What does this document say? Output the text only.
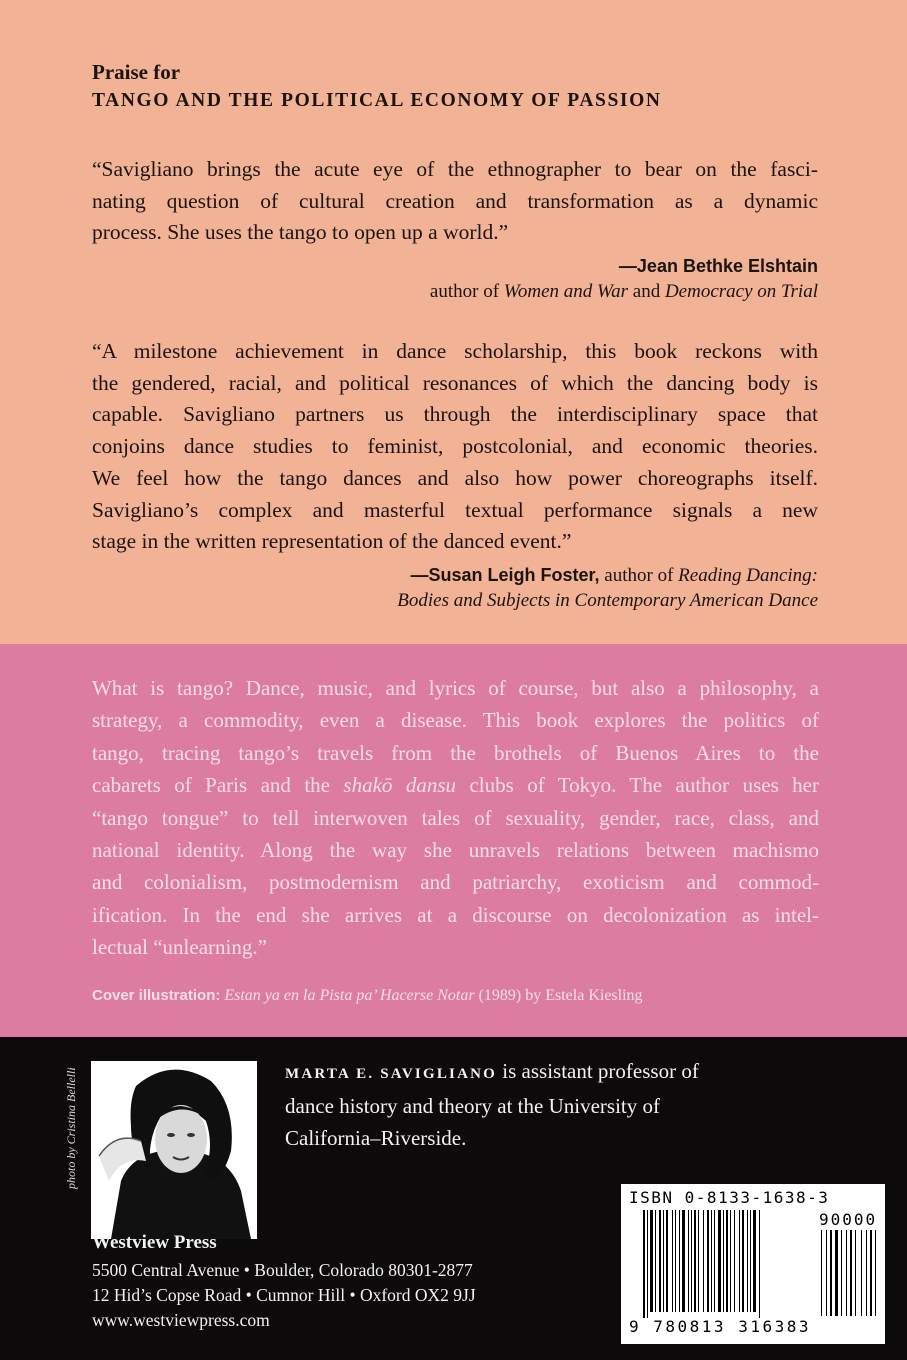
Praise for
TANGO AND THE POLITICAL ECONOMY OF PASSION
“Savigliano brings the acute eye of the ethnographer to bear on the fasci-
nating question of cultural creation and transformation as a dynamic
process. She uses the tango to open up a world.”
—Jean Bethke Elshtain
author of Women and War and Democracy on Trial
“A milestone achievement in dance scholarship, this book reckons with
the gendered, racial, and political resonances of which the dancing body is
capable. Savigliano partners us through the interdisciplinary space that
conjoins dance studies to feminist, postcolonial, and economic theories.
We feel how the tango dances and also how power choreographs itself.
Savigliano’s complex and masterful textual performance signals a new
stage in the written representation of the danced event.”
—Susan Leigh Foster, author of Reading Dancing:
Bodies and Subjects in Contemporary American Dance
What is tango? Dance, music, and lyrics of course, but also a philosophy, a
strategy, a commodity, even a disease. This book explores the politics of
tango, tracing tango’s travels from the brothels of Buenos Aires to the
cabarets of Paris and the shakō dansu clubs of Tokyo. The author uses her
“tango tongue” to tell interwoven tales of sexuality, gender, race, class, and
national identity. Along the way she unravels relations between machismo
and colonialism, postmodernism and patriarchy, exoticism and commod-
ification. In the end she arrives at a discourse on decolonization as intel-
lectual “unlearning.”
Cover illustration: Estan ya en la Pista pa’ Hacerse Notar (1989) by Estela Kiesling
photo by Cristina Bellelli	MARTA E. SAVIGLIANO is assistant professor of dance history and theory at the University of California–Riverside.
Westview Press
5500 Central Avenue • Boulder, Colorado 80301-2877
12 Hid’s Copse Road • Cumnor Hill • Oxford OX2 9JJ
www.westviewpress.com
ISBN 0-8133-1638-3
90000
9 780813 316383
